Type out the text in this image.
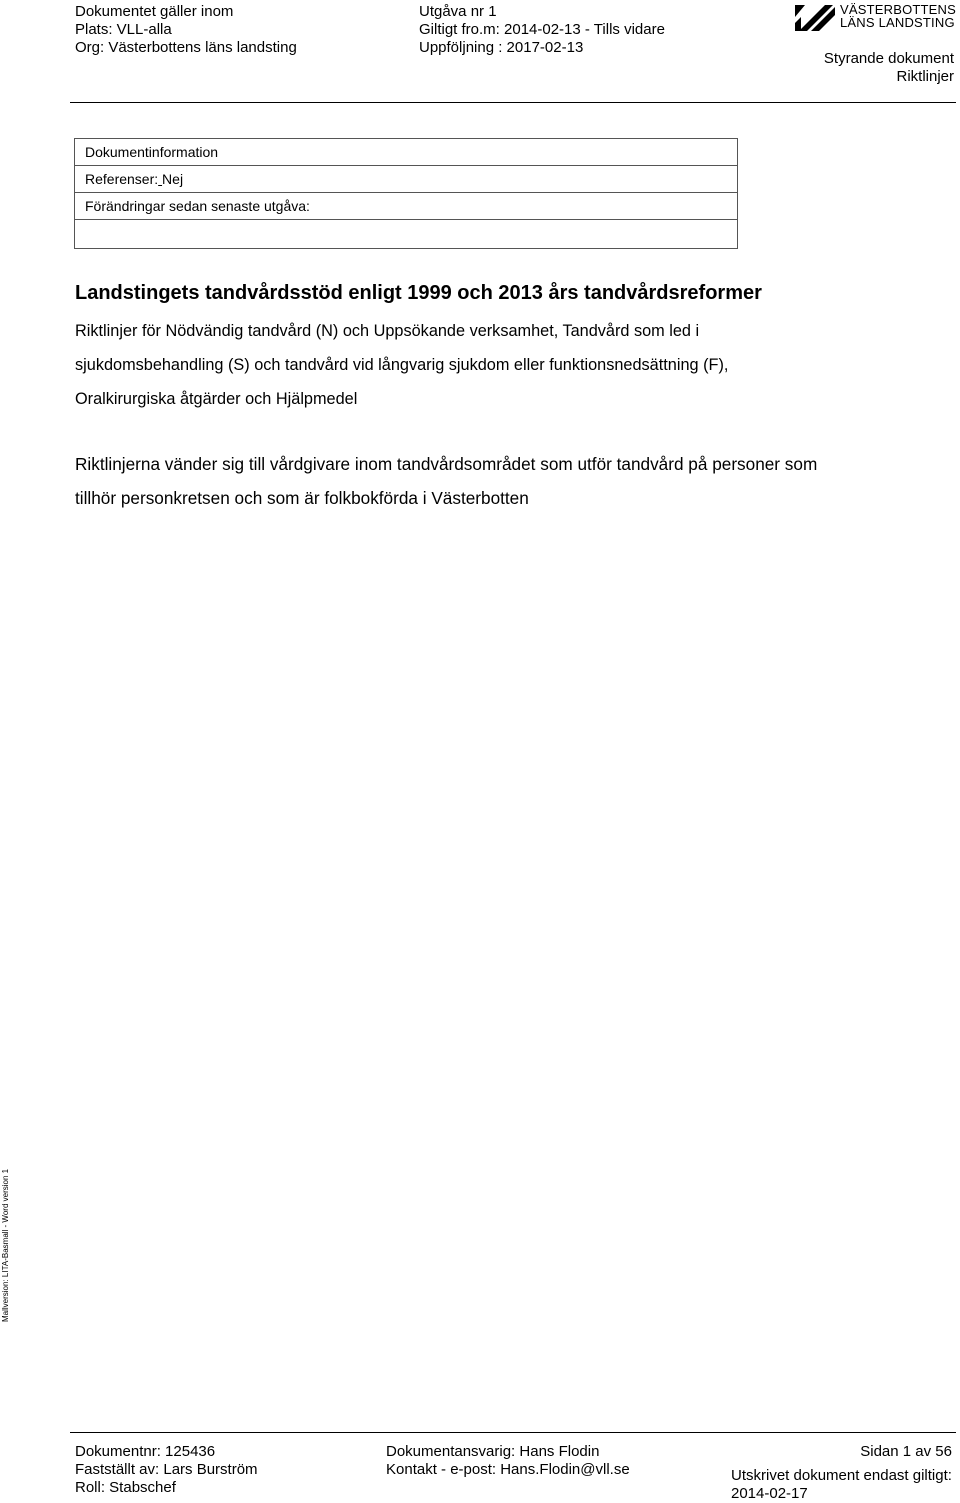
Dokumentet gäller inom
Plats: VLL-alla
Org: Västerbottens läns landsting
Utgåva nr 1
Giltigt fro.m: 2014-02-13 - Tills vidare
Uppföljning : 2017-02-13
VÄSTERBOTTENS
LÄNS LANDSTING
Styrande dokument
Riktlinjer
Dokumentinformation
Referenser: Nej
Förändringar sedan senaste utgåva:
Landstingets tandvårdsstöd enligt 1999 och 2013 års tandvårdsreformer
Riktlinjer för Nödvändig tandvård (N) och Uppsökande verksamhet, Tandvård som led i
sjukdomsbehandling (S) och tandvård vid långvarig sjukdom eller funktionsnedsättning (F),
Oralkirurgiska åtgärder och Hjälpmedel
Riktlinjerna vänder sig till vårdgivare inom tandvårdsområdet som utför tandvård på personer som
tillhör personkretsen och som är folkbokförda i Västerbotten
Mallversion: LITA-Basmall - Word version 1
Dokumentnr: 125436
Fastställt av: Lars Burström
Roll: Stabschef
Dokumentansvarig: Hans Flodin
Kontakt - e-post: Hans.Flodin@vll.se
Sidan 1 av 56
Utskrivet dokument endast giltigt:
2014-02-17
